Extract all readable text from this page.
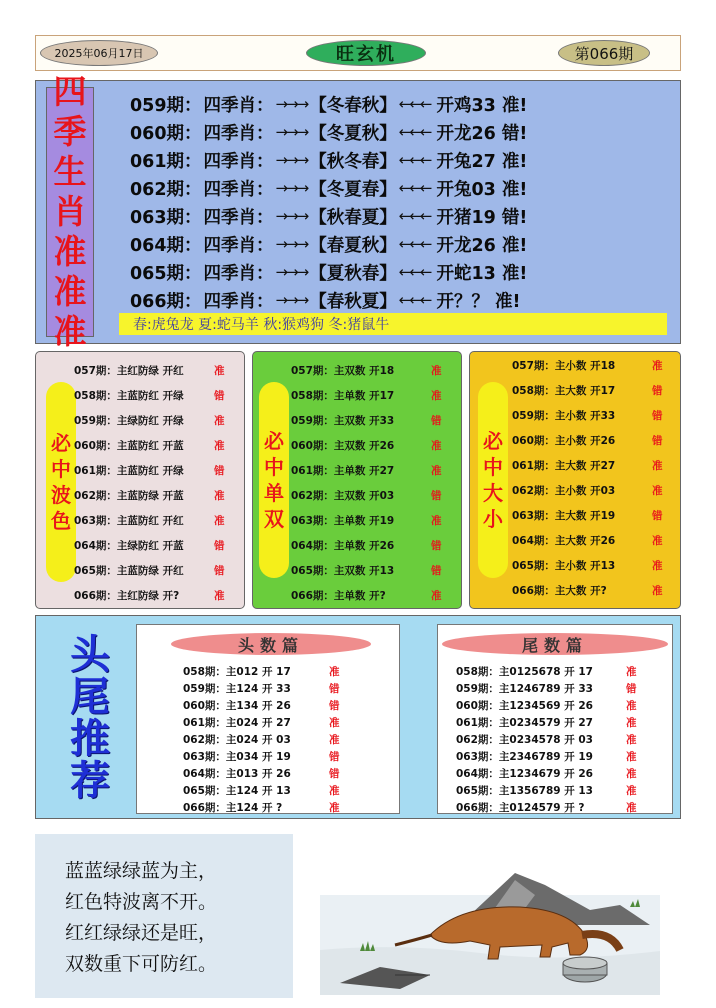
2025年06月17日	旺玄机	第066期
四
季
生
肖
准
准
准
059期： 四季肖： →→→ 【冬春秋】 ←←← 开鸡33 准!
060期： 四季肖： →→→ 【冬夏秋】 ←←← 开龙26 错!
061期： 四季肖： →→→ 【秋冬春】 ←←← 开兔27 准!
062期： 四季肖： →→→ 【冬夏春】 ←←← 开兔03 准!
063期： 四季肖： →→→ 【秋春夏】 ←←← 开猪19 错!
064期： 四季肖： →→→ 【春夏秋】 ←←← 开龙26 准!
065期： 四季肖： →→→ 【夏秋春】 ←←← 开蛇13 准!
066期： 四季肖： →→→ 【春秋夏】 ←←← 开？？ 准!
春:虎兔龙 夏:蛇马羊 秋:猴鸡狗 冬:猪鼠牛
必
中
波
色
057期：主红防绿 开红	准
058期：主蓝防红 开绿	错
059期：主绿防红 开绿	准
060期：主蓝防红 开蓝	准
061期：主蓝防红 开绿	错
062期：主蓝防绿 开蓝	准
063期：主蓝防红 开红	准
064期：主绿防红 开蓝	错
065期：主蓝防绿 开红	错
066期：主红防绿 开?	准
必
中
单
双
057期：主双数 开18	准
058期：主单数 开17	准
059期：主双数 开33	错
060期：主双数 开26	准
061期：主单数 开27	准
062期：主双数 开03	错
063期：主单数 开19	准
064期：主单数 开26	错
065期：主双数 开13	错
066期：主单数 开?	准
必
中
大
小
057期：主小数 开18	准
058期：主大数 开17	错
059期：主小数 开33	错
060期：主小数 开26	错
061期：主大数 开27	准
062期：主小数 开03	准
063期：主大数 开19	错
064期：主大数 开26	准
065期：主小数 开13	准
066期：主大数 开?	准
头
尾
推
荐
头数篇
058期：主012 开 17	准
059期：主124 开 33	错
060期：主134 开 26	错
061期：主024 开 27	准
062期：主024 开 03	准
063期：主034 开 19	错
064期：主013 开 26	错
065期：主124 开 13	准
066期：主124 开 ?	准
尾数篇
058期：主0125678 开 17	准
059期：主1246789 开 33	错
060期：主1234569 开 26	准
061期：主0234579 开 27	准
062期：主0234578 开 03	准
063期：主2346789 开 19	准
064期：主1234679 开 26	准
065期：主1356789 开 13	准
066期：主0124579 开 ?	准
蓝蓝绿绿蓝为主，
红色特波离不开。
红红绿绿还是旺，
双数重下可防红。
